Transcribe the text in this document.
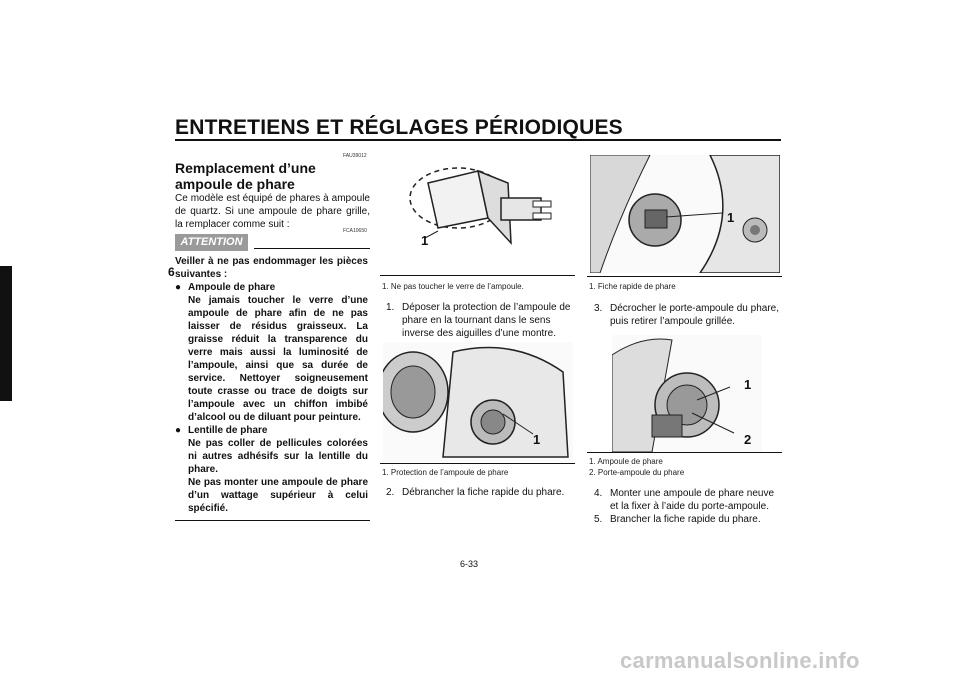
ENTRETIENS ET RÉGLAGES PÉRIODIQUES
6
FAU39012
Remplacement d’une ampoule de phare
Ce modèle est équipé de phares à ampoule de quartz. Si une ampoule de phare grille, la remplacer comme suit :
FCA10650
ATTENTION
Veiller à ne pas endommager les pièces suivantes :
● Ampoule de phare
Ne jamais toucher le verre d’une ampoule de phare afin de ne pas laisser de résidus graisseux. La graisse réduit la transparence du verre mais aussi la luminosité de l’ampoule, ainsi que sa durée de service. Nettoyer soigneusement toute crasse ou trace de doigts sur l’ampoule avec un chiffon imbibé d’alcool ou de diluant pour peinture.
● Lentille de phare
Ne pas coller de pellicules colorées ni autres adhésifs sur la lentille du phare.
Ne pas monter une ampoule de phare d’un wattage supérieur à celui spécifié.
1
1. Ne pas toucher le verre de l’ampoule.
1. Déposer la protection de l’ampoule de phare en la tournant dans le sens inverse des aiguilles d’une montre.
1
1. Protection de l’ampoule de phare
2. Débrancher la fiche rapide du phare.
1
1. Fiche rapide de phare
3. Décrocher le porte-ampoule du phare, puis retirer l’ampoule grillée.
1
2
1. Ampoule de phare
2. Porte-ampoule du phare
4. Monter une ampoule de phare neuve et la fixer à l’aide du porte-ampoule.
5. Brancher la fiche rapide du phare.
6-33
carmanualsonline.info
